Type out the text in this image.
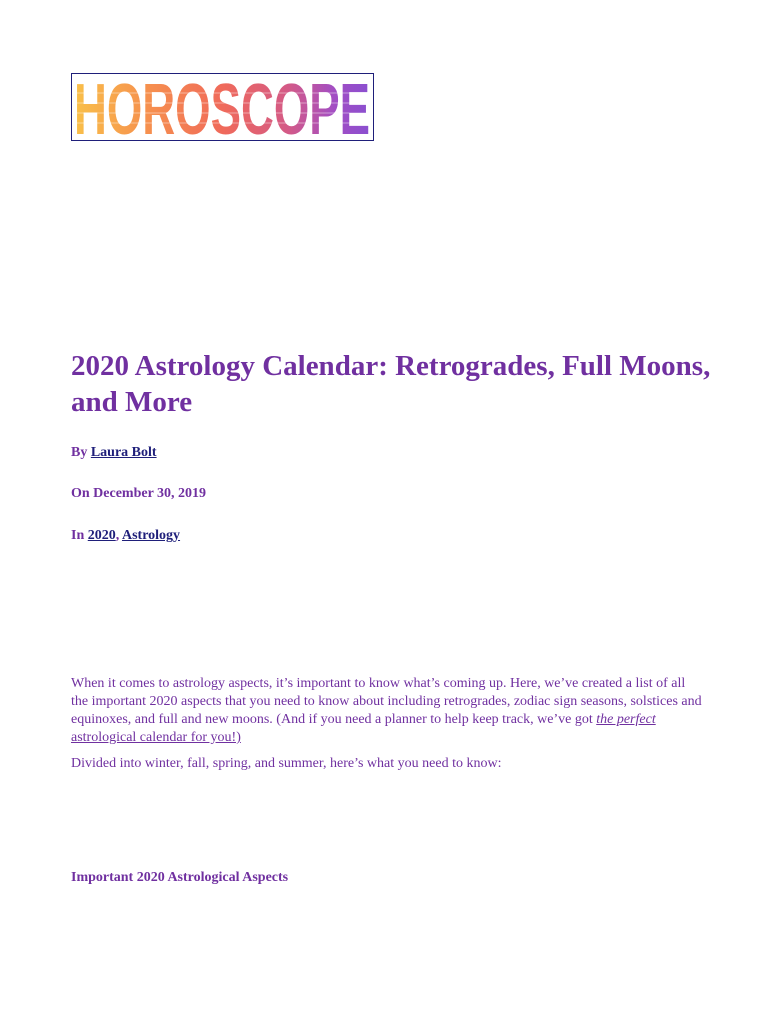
HOROSCOPE
2020 Astrology Calendar: Retrogrades, Full Moons, and More

By Laura Bolt

On December 30, 2019

In 2020, Astrology

When it comes to astrology aspects, it’s important to know what’s coming up. Here, we’ve created a list of all the important 2020 aspects that you need to know about including retrogrades, zodiac sign seasons, solstices and equinoxes, and full and new moons. (And if you need a planner to help keep track, we’ve got the perfect astrological calendar for you!)

Divided into winter, fall, spring, and summer, here’s what you need to know:

Important 2020 Astrological Aspects
